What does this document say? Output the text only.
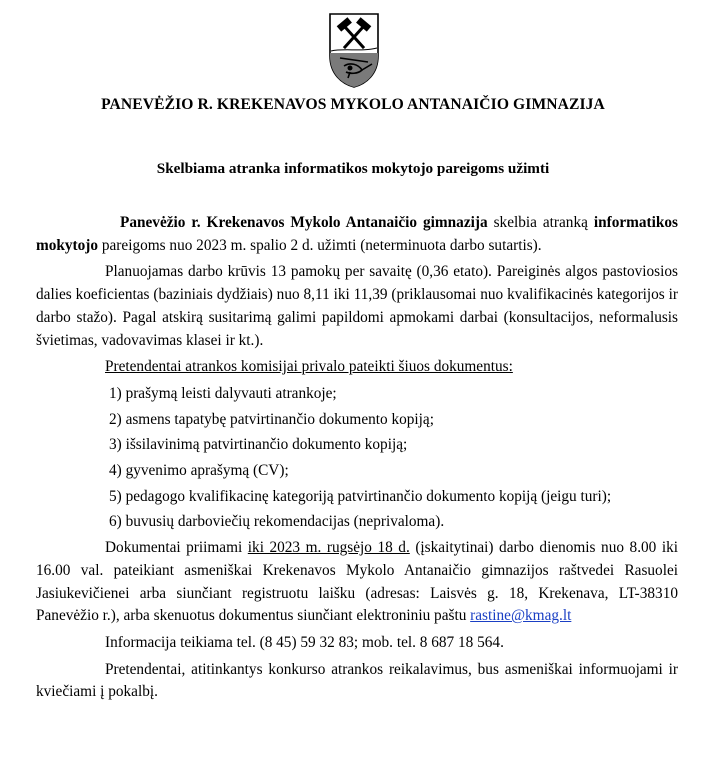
PANEVĖŽIO R. KREKENAVOS MYKOLO ANTANAIČIO GIMNAZIJA
Skelbiama atranka informatikos mokytojo pareigoms užimti

Panevėžio r. Krekenavos Mykolo Antanaičio gimnazija skelbia atranką informatikos mokytojo pareigoms nuo 2023 m. spalio 2 d. užimti (neterminuota darbo sutartis).

Planuojamas darbo krūvis 13 pamokų per savaitę (0,36 etato). Pareiginės algos pastoviosios dalies koeficientas (baziniais dydžiais) nuo 8,11 iki 11,39 (priklausomai nuo kvalifikacinės kategorijos ir darbo stažo). Pagal atskirą susitarimą galimi papildomi apmokami darbai (konsultacijos, neformalusis švietimas, vadovavimas klasei ir kt.).

Pretendentai atrankos komisijai privalo pateikti šiuos dokumentus:

1) prašymą leisti dalyvauti atrankoje;
2) asmens tapatybę patvirtinančio dokumento kopiją;
3) išsilavinimą patvirtinančio dokumento kopiją;
4) gyvenimo aprašymą (CV);
5) pedagogo kvalifikacinę kategoriją patvirtinančio dokumento kopiją (jeigu turi);
6) buvusių darboviečių rekomendacijas (neprivaloma).

Dokumentai priimami iki 2023 m. rugsėjo 18 d. (įskaitytinai) darbo dienomis nuo 8.00 iki 16.00 val. pateikiant asmeniškai Krekenavos Mykolo Antanaičio gimnazijos raštvedei Rasuolei Jasiukevičienei arba siunčiant registruotu laišku (adresas: Laisvės g. 18, Krekenava, LT-38310 Panevėžio r.), arba skenuotus dokumentus siunčiant elektroniniu paštu rastine@kmag.lt

Informacija teikiama tel. (8 45) 59 32 83; mob. tel. 8 687 18 564.

Pretendentai, atitinkantys konkurso atrankos reikalavimus, bus asmeniškai informuojami ir kviečiami į pokalbį.
